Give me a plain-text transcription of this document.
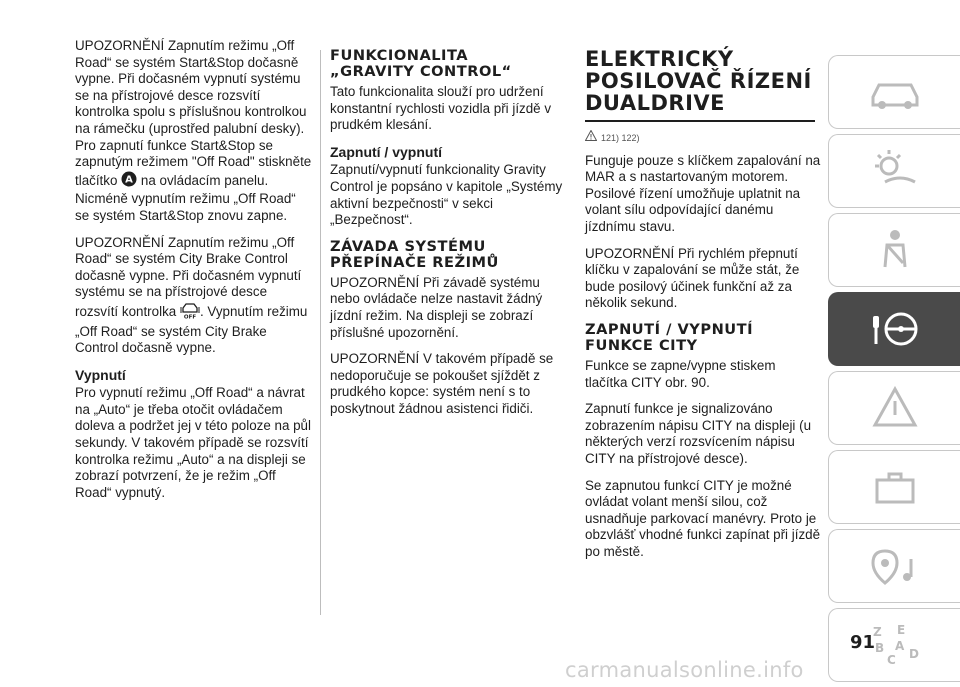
UPOZORNĚNÍ Zapnutím režimu „Off Road“ se systém Start&Stop dočasně vypne. Při dočasném vypnutí systému se na přístrojové desce rozsvítí kontrolka spolu s příslušnou kontrolkou na rámečku (uprostřed palubní desky). Pro zapnutí funkce Start&Stop se zapnutým režimem "Off Road" stiskněte tlačítko A na ovládacím panelu. Nicméně vypnutím režimu „Off Road“ se systém Start&Stop znovu zapne.

UPOZORNĚNÍ Zapnutím režimu „Off Road“ se systém City Brake Control dočasně vypne. Při dočasném vypnutí systému se na přístrojové desce rozsvítí kontrolka OFF . Vypnutím režimu „Off Road“ se systém City Brake Control dočasně vypne.

Vypnutí

Pro vypnutí režimu „Off Road“ a návrat na „Auto“ je třeba otočit ovládačem doleva a podržet jej v této poloze na půl sekundy. V takovém případě se rozsvítí kontrolka režimu „Auto“ a na displeji se zobrazí potvrzení, že je režim „Off Road“ vypnutý.

FUNKCIONALITA
„GRAVITY CONTROL“

Tato funkcionalita slouží pro udržení konstantní rychlosti vozidla při jízdě v prudkém klesání.

Zapnutí / vypnutí

Zapnutí/vypnutí funkcionality Gravity Control je popsáno v kapitole „Systémy aktivní bezpečnosti“ v sekci „Bezpečnost“.

ZÁVADA SYSTÉMU
PŘEPÍNAČE REŽIMŮ

UPOZORNĚNÍ Při závadě systému nebo ovládače nelze nastavit žádný jízdní režim. Na displeji se zobrazí příslušné upozornění.

UPOZORNĚNÍ V takovém případě se nedoporučuje se pokoušet sjíždět z prudkého kopce: systém není s to poskytnout žádnou asistenci řidiči.

ELEKTRICKÝ
POSILOVAČ ŘÍZENÍ
DUALDRIVE
121) 122)

Funguje pouze s klíčkem zapalování na MAR a s nastartovaným motorem. Posilové řízení umožňuje uplatnit na volant sílu odpovídající danému jízdnímu stavu.

UPOZORNĚNÍ Při rychlém přepnutí klíčku v zapalování se může stát, že bude posilový účinek funkční až za několik sekund.

ZAPNUTÍ / VYPNUTÍ
FUNKCE CITY

Funkce se zapne/vypne stiskem tlačítka CITY obr. 90.

Zapnutí funkce je signalizováno zobrazením nápisu CITY na displeji (u některých verzí rozsvícením nápisu CITY na přístrojové desce).

Se zapnutou funkcí CITY je možné ovládat volant menší silou, což usnadňuje parkovací manévry. Proto je obzvlášť vhodné funkci zapínat při jízdě po městě.

Z E
B A
D
C
91
carmanualsonline.info
